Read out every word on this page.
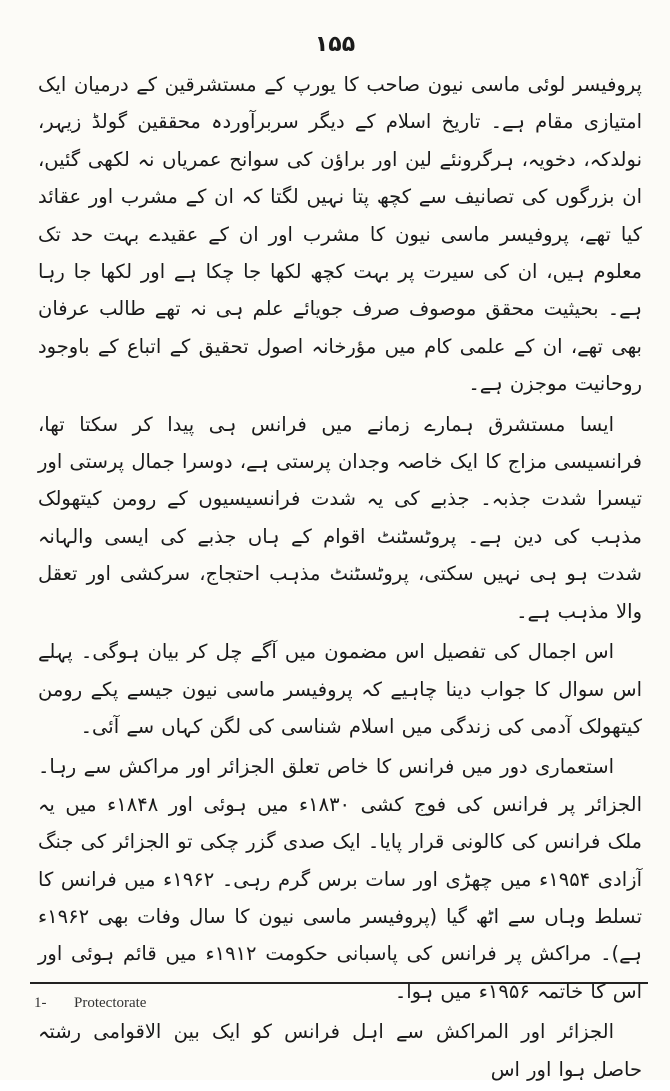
۱۵۵

پروفیسر لوئی ماسی نیون صاحب کا یورپ کے مستشرقین کے درمیان ایک امتیازی مقام ہے۔ تاریخ اسلام کے دیگر سربرآوردہ محققین گولڈ زیہر، نولدکہ، دخویہ، ہرگرونئے لین اور براؤن کی سوانح عمریاں نہ لکھی گئیں، ان بزرگوں کی تصانیف سے کچھ پتا نہیں لگتا کہ ان کے مشرب اور عقائد کیا تھے، پروفیسر ماسی نیون کا مشرب اور ان کے عقیدے بہت حد تک معلوم ہیں، ان کی سیرت پر بہت کچھ لکھا جا چکا ہے اور لکھا جا رہا ہے۔ بحیثیت محقق موصوف صرف جویائے علم ہی نہ تھے طالب عرفان بھی تھے، ان کے علمی کام میں مؤرخانہ اصول تحقیق کے اتباع کے باوجود روحانیت موجزن ہے۔

ایسا مستشرق ہمارے زمانے میں فرانس ہی پیدا کر سکتا تھا، فرانسیسی مزاج کا ایک خاصہ وجدان پرستی ہے، دوسرا جمال پرستی اور تیسرا شدت جذبہ۔ جذبے کی یہ شدت فرانسیسیوں کے رومن کیتھولک مذہب کی دین ہے۔ پروٹسٹنٹ اقوام کے ہاں جذبے کی ایسی والہانہ شدت ہو ہی نہیں سکتی، پروٹسٹنٹ مذہب احتجاج، سرکشی اور تعقل والا مذہب ہے۔

اس اجمال کی تفصیل اس مضمون میں آگے چل کر بیان ہوگی۔ پہلے اس سوال کا جواب دینا چاہیے کہ پروفیسر ماسی نیون جیسے پکے رومن کیتھولک آدمی کی زندگی میں اسلام شناسی کی لگن کہاں سے آئی۔

استعماری دور میں فرانس کا خاص تعلق الجزائر اور مراکش سے رہا۔ الجزائر پر فرانس کی فوج کشی ۱۸۳۰ء میں ہوئی اور ۱۸۴۸ء میں یہ ملک فرانس کی کالونی قرار پایا۔ ایک صدی گزر چکی تو الجزائر کی جنگ آزادی ۱۹۵۴ء میں چھڑی اور سات برس گرم رہی۔ ۱۹۶۲ء میں فرانس کا تسلط وہاں سے اٹھ گیا (پروفیسر ماسی نیون کا سال وفات بھی ۱۹۶۲ء ہے)۔ مراکش پر فرانس کی پاسبانی حکومت ۱۹۱۲ء میں قائم ہوئی اور اس کا خاتمہ ۱۹۵۶ء میں ہوا۔

الجزائر اور المراکش سے اہل فرانس کو ایک بین الاقوامی رشتہ حاصل ہوا اور اس

1- Protectorate
